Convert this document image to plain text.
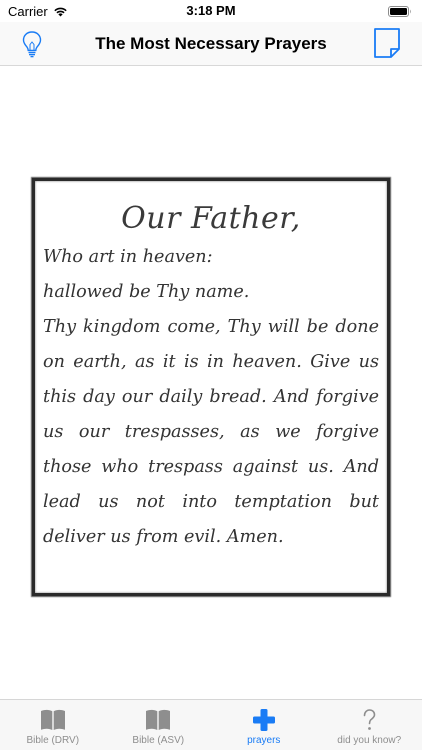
Carrier	3:18 PM
The Most Necessary Prayers
Our Father,
Who art in heaven:
hallowed be Thy name.
Thy kingdom come, Thy will be done on earth, as it is in heaven. Give us this day our daily bread. And forgive us our trespasses, as we forgive those who trespass against us. And lead us not into temptation but deliver us from evil. Amen.
Bible (DRV)	Bible (ASV)	prayers	did you know?
